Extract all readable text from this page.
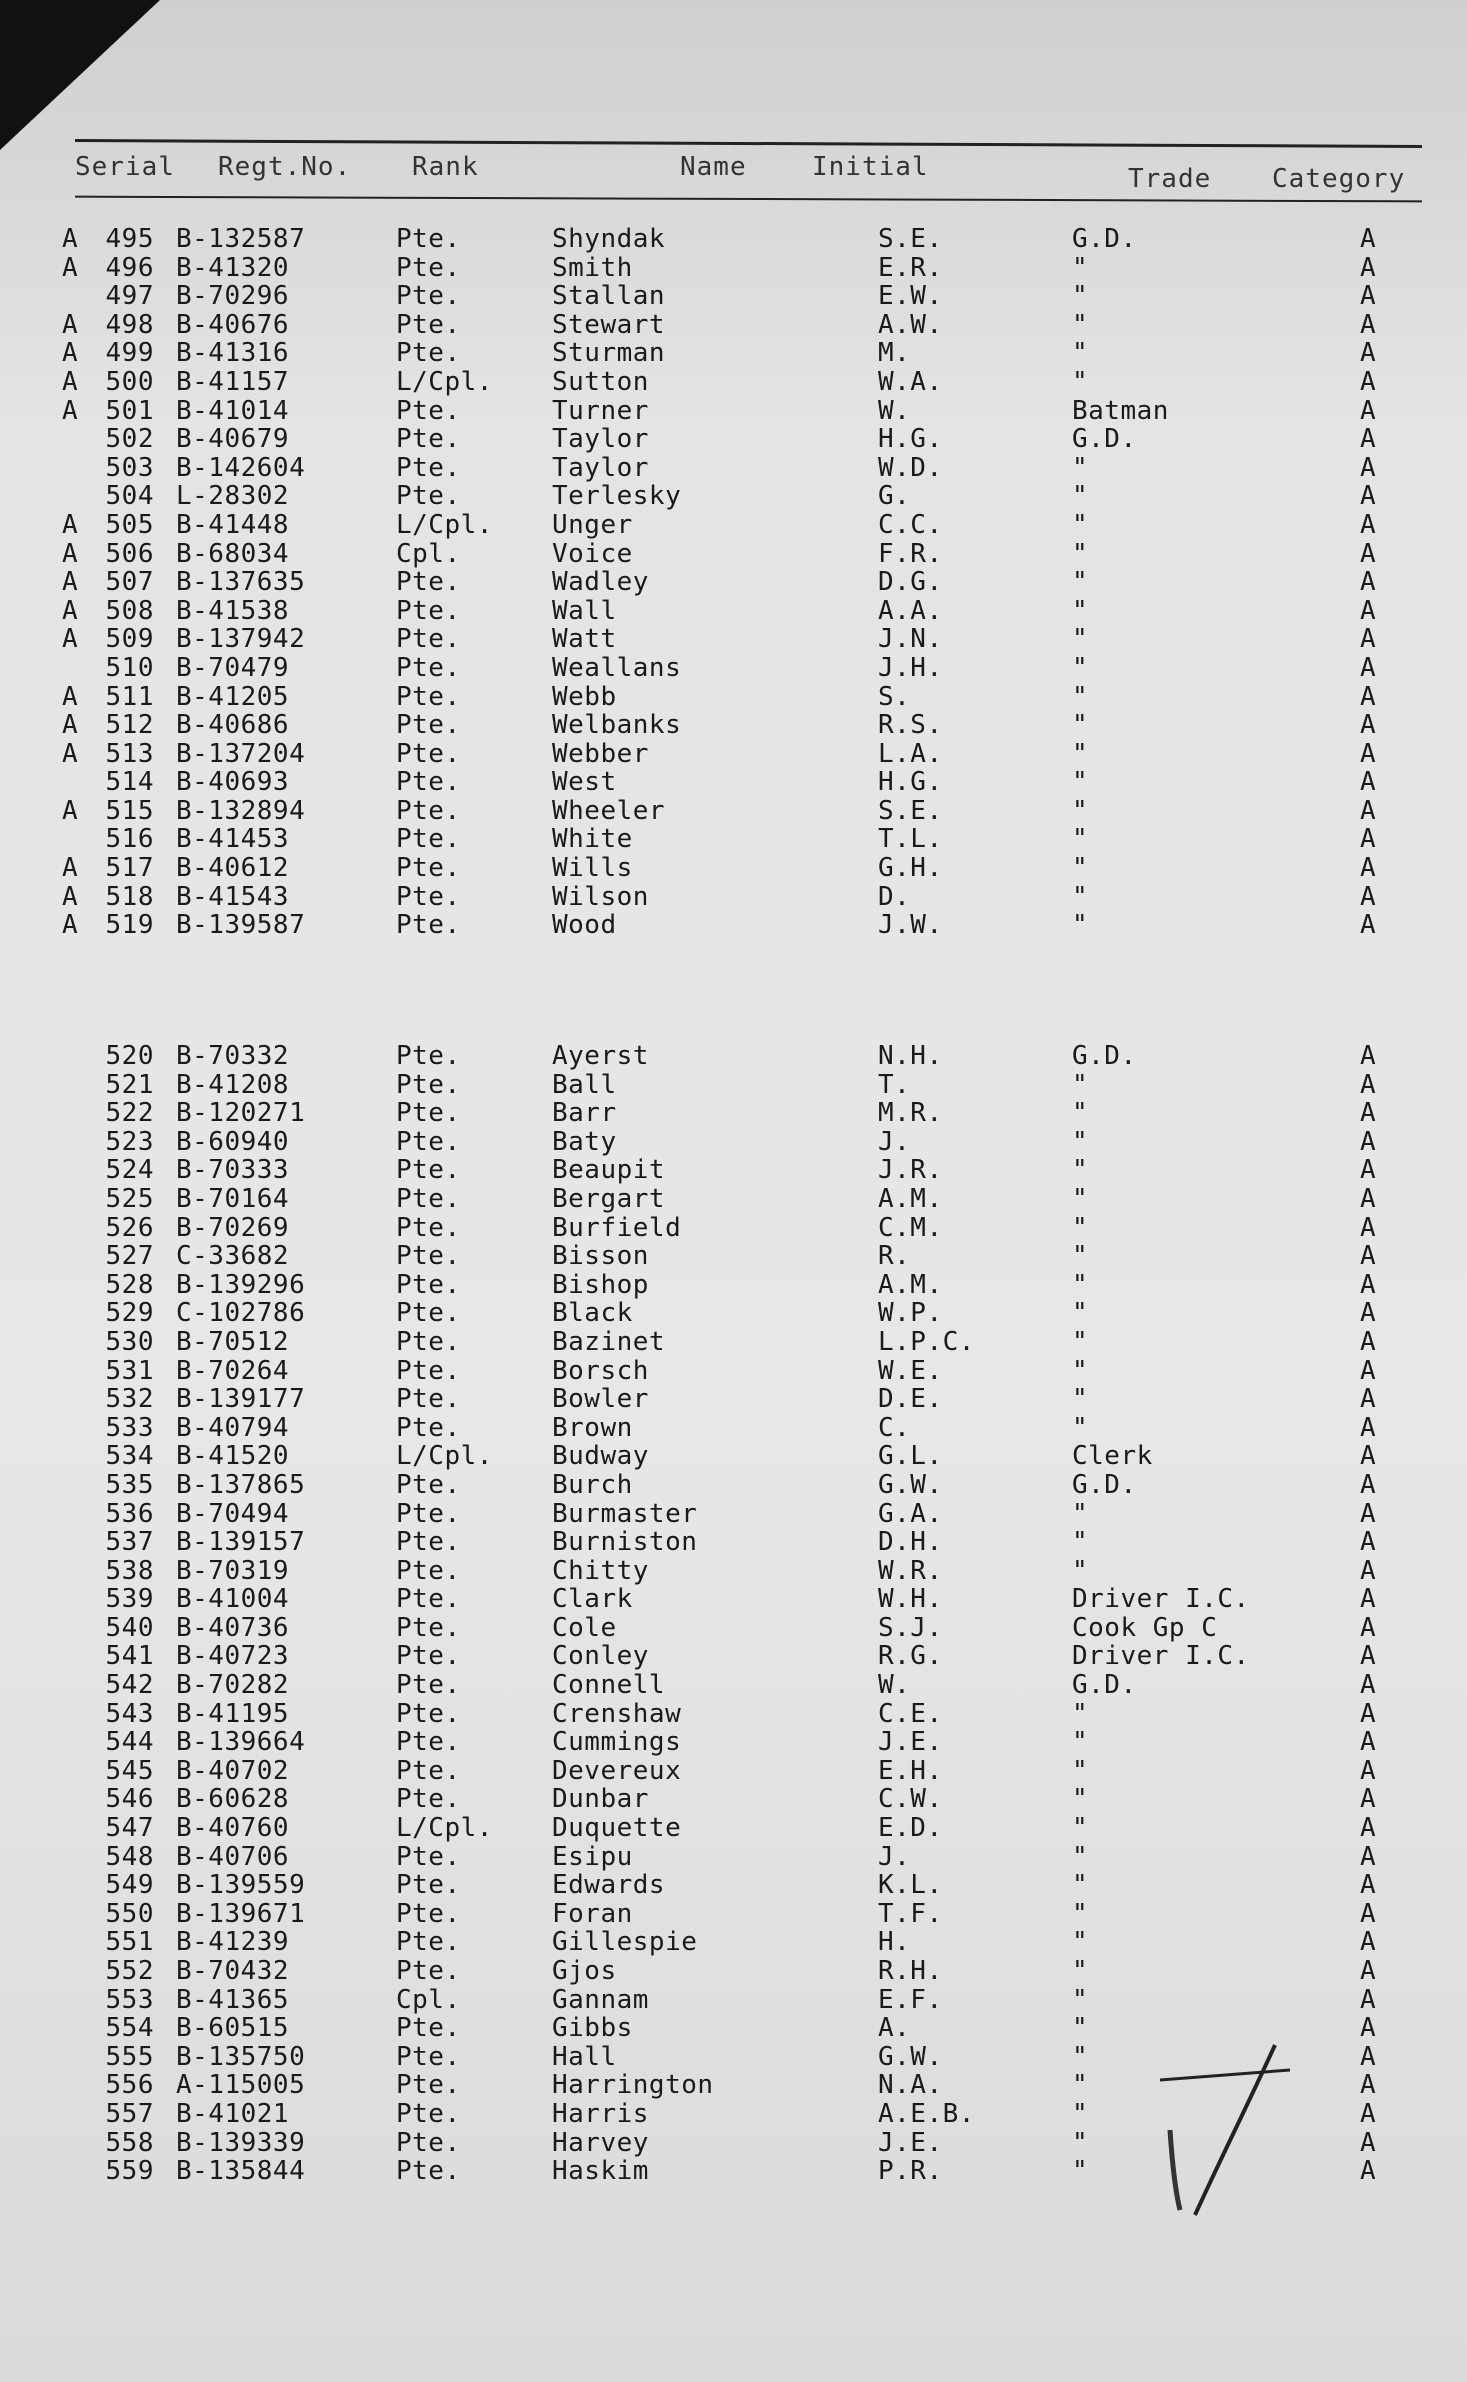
Serial Regt.No. Rank	Name	Initial	Trade Category
A	495 B-132587	Pte.	Shyndak	S.E.	G.D.	A
A	496 B-41320	Pte.	Smith	E.R.	"	A
497 B-70296	Pte.	Stallan	E.W.	"	A
A	498 B-40676	Pte.	Stewart	A.W.	"	A
A	499 B-41316	Pte.	Sturman	M.	"	A
A	500 B-41157	L/Cpl. Sutton	W.A.	"	A
A	501 B-41014	Pte.	Turner	W.	Batman	A
502 B-40679	Pte.	Taylor	H.G.	G.D.	A
503 B-142604	Pte.	Taylor	W.D.	"	A
504 L-28302	Pte.	Terlesky	G.	"	A
A	505 B-41448	L/Cpl. Unger	C.C.	"	A
A	506 B-68034	Cpl.	Voice	F.R.	"	A
A	507 B-137635	Pte.	Wadley	D.G.	"	A
A	508 B-41538	Pte.	Wall	A.A.	"	A
A	509 B-137942	Pte.	Watt	J.N.	"	A
510 B-70479	Pte.	Weallans	J.H.	"	A
A	511 B-41205	Pte.	Webb	S.	"	A
A	512 B-40686	Pte.	Welbanks	R.S.	"	A
A	513 B-137204	Pte.	Webber	L.A.	"	A
514 B-40693	Pte.	West	H.G.	"	A
A	515 B-132894	Pte.	Wheeler	S.E.	"	A
516 B-41453	Pte.	White	T.L.	"	A
A	517 B-40612	Pte.	Wills	G.H.	"	A
A	518 B-41543	Pte.	Wilson	D.	"	A
A	519 B-139587	Pte.	Wood	J.W.	"	A
520 B-70332	Pte.	Ayerst	N.H.	G.D.	A
521 B-41208	Pte.	Ball	T.	"	A
522 B-120271	Pte.	Barr	M.R.	"	A
523 B-60940	Pte.	Baty	J.	"	A
524 B-70333	Pte.	Beaupit	J.R.	"	A
525 B-70164	Pte.	Bergart	A.M.	"	A
526 B-70269	Pte.	Burfield	C.M.	"	A
527 C-33682	Pte.	Bisson	R.	"	A
528 B-139296	Pte.	Bishop	A.M.	"	A
529 C-102786	Pte.	Black	W.P.	"	A
530 B-70512	Pte.	Bazinet	L.P.C.	"	A
531 B-70264	Pte.	Borsch	W.E.	"	A
532 B-139177	Pte.	Bowler	D.E.	"	A
533 B-40794	Pte.	Brown	C.	"	A
534 B-41520	L/Cpl. Budway	G.L.	Clerk	A
535 B-137865	Pte.	Burch	G.W.	G.D.	A
536 B-70494	Pte.	Burmaster	G.A.	"	A
537 B-139157	Pte.	Burniston	D.H.	"	A
538 B-70319	Pte.	Chitty	W.R.	"	A
539 B-41004	Pte.	Clark	W.H.	Driver I.C.	A
540 B-40736	Pte.	Cole	S.J.	Cook Gp C	A
541 B-40723	Pte.	Conley	R.G.	Driver I.C.	A
542 B-70282	Pte.	Connell	W.	G.D.	A
543 B-41195	Pte.	Crenshaw	C.E.	"	A
544 B-139664	Pte.	Cummings	J.E.	"	A
545 B-40702	Pte.	Devereux	E.H.	"	A
546 B-60628	Pte.	Dunbar	C.W.	"	A
547 B-40760	L/Cpl. Duquette	E.D.	"	A
548 B-40706	Pte.	Esipu	J.	"	A
549 B-139559	Pte.	Edwards	K.L.	"	A
550 B-139671	Pte.	Foran	T.F.	"	A
551 B-41239	Pte.	Gillespie	H.	"	A
552 B-70432	Pte.	Gjos	R.H.	"	A
553 B-41365	Cpl.	Gannam	E.F.	"	A
554 B-60515	Pte.	Gibbs	A.	"	A
555 B-135750	Pte.	Hall	G.W.	"	A
556 A-115005	Pte.	Harrington	N.A.	"	A
557 B-41021	Pte.	Harris	A.E.B.	"	A
558 B-139339	Pte.	Harvey	J.E.	"	A
559 B-135844	Pte.	Haskim	P.R.	"	A
